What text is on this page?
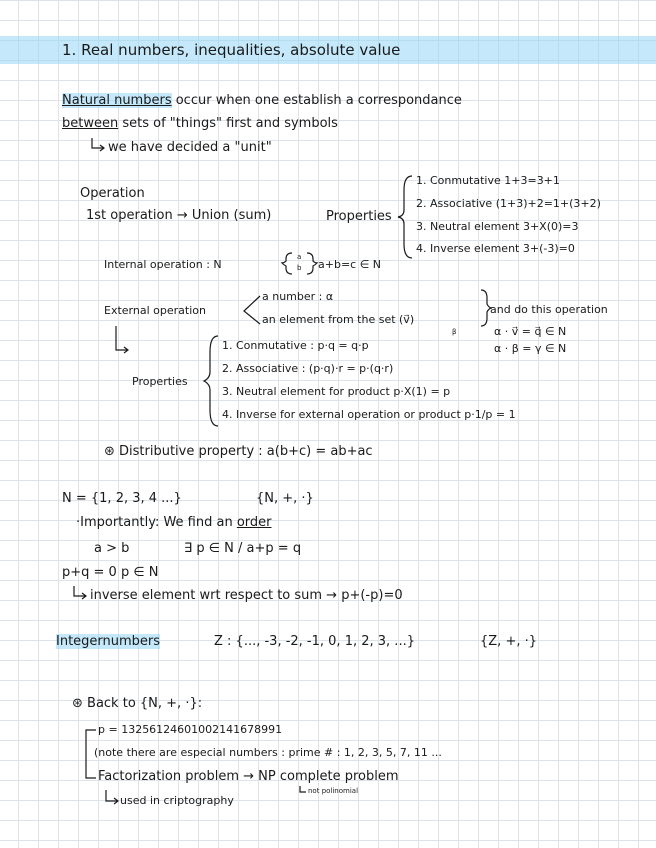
1. Real numbers, inequalities, absolute value
Natural numbers occur when one establish a correspondance
between sets of "things" first and symbols
we have decided a "unit"
Operation
1st operation → Union (sum)	Properties
1. Conmutative 1+3=3+1
2. Associative (1+3)+2=1+(3+2)
3. Neutral element 3+X(0)=3
4. Inverse element 3+(-3)=0
Internal operation : N
a
b a+b=c ∈ N
External operation
a number : α
an element from the set (v⃗)
β
and do this operation
α · v⃗ = q⃗ ∈ N
α · β = γ ∈ N
Properties
1. Conmutative : p·q = q·p
2. Associative : (p·q)·r = p·(q·r)
3. Neutral element for product p·X(1) = p
4. Inverse for external operation or product p·1/p = 1
⊛ Distributive property : a(b+c) = ab+ac
N = {1, 2, 3, 4 ...}	{N, +, ·}
·Importantly: We find an order
a > b	∃ p ∈ N / a+p = q
p+q = 0 p ∈ N
inverse element wrt respect to sum → p+(-p)=0
Integernumbers	Z : {..., -3, -2, -1, 0, 1, 2, 3, ...}	{Z, +, ·}
⊛ Back to {N, +, ·}:
p = 13256124601002141678991
(note there are especial numbers : prime # : 1, 2, 3, 5, 7, 11 ...
Factorization problem → NP complete problem
not polinomial
used in criptography
